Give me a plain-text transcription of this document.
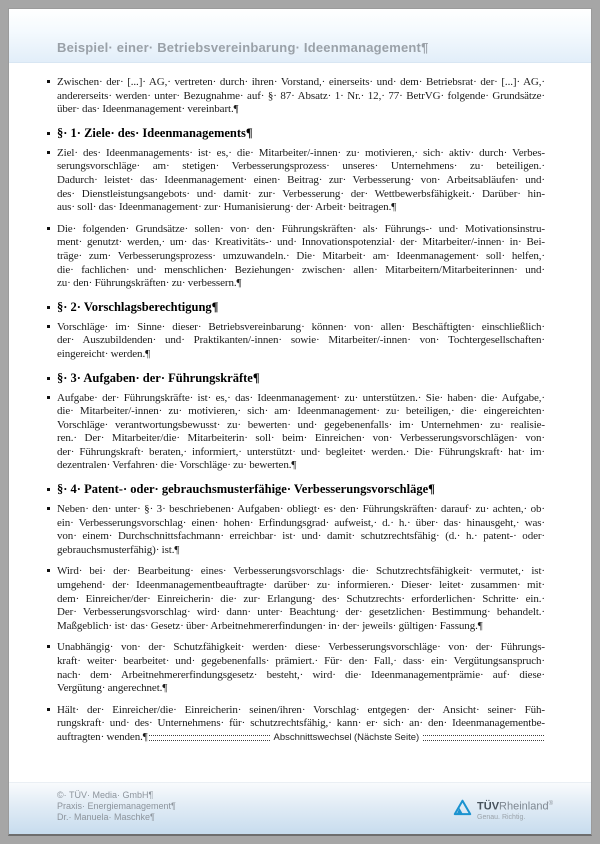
Beispiel· einer· Betriebsvereinbarung· Ideenmanagement¶
Zwischen· der· [...]· AG,· vertreten· durch· ihren· Vorstand,· einerseits· und· dem· Betriebsrat· der· [...]· AG,·
andererseits· werden· unter· Bezugnahme· auf· §· 87· Absatz· 1· Nr.· 12,· 77· BetrVG· folgende· Grundsätze·
über· das· Ideenmanagement· vereinbart.¶
§· 1· Ziele· des· Ideenmanagements¶
Ziel· des· Ideenmanagements· ist· es,· die· Mitarbeiter/-innen· zu· motivieren,· sich· aktiv· durch· Verbes-
serungsvorschläge· am· stetigen· Verbesserungsprozess· unseres· Unternehmens· zu· beteiligen.·
Dadurch· leistet· das· Ideenmanagement· einen· Beitrag· zur· Verbesserung· von· Arbeitsabläufen· und·
des· Dienstleistungsangebots· und· damit· zur· Verbesserung· der· Wettbewerbsfähigkeit.· Darüber· hin-
aus· soll· das· Ideenmanagement· zur· Humanisierung· der· Arbeit· beitragen.¶
Die· folgenden· Grundsätze· sollen· von· den· Führungskräften· als· Führungs-· und· Motivationsinstru-
ment· genutzt· werden,· um· das· Kreativitäts-· und· Innovationspotenzial· der· Mitarbeiter/-innen· in· Bei-
träge· zum· Verbesserungsprozess· umzuwandeln.· Die· Mitarbeit· am· Ideenmanagement· soll· helfen,·
die· fachlichen· und· menschlichen· Beziehungen· zwischen· allen· Mitarbeitern/Mitarbeiterinnen· und·
zu· den· Führungskräften· zu· verbessern.¶
§· 2· Vorschlagsberechtigung¶
Vorschläge· im· Sinne· dieser· Betriebsvereinbarung· können· von· allen· Beschäftigten· einschließlich·
der· Auszubildenden· und· Praktikanten/-innen· sowie· Mitarbeiter/-innen· von· Tochtergesellschaften·
eingereicht· werden.¶
§· 3· Aufgaben· der· Führungskräfte¶
Aufgabe· der· Führungskräfte· ist· es,· das· Ideenmanagement· zu· unterstützen.· Sie· haben· die· Aufgabe,·
die· Mitarbeiter/-innen· zu· motivieren,· sich· am· Ideenmanagement· zu· beteiligen,· die· eingereichten·
Vorschläge· verantwortungsbewusst· zu· bewerten· und· gegebenenfalls· im· Unternehmen· zu· realisie-
ren.· Der· Mitarbeiter/die· Mitarbeiterin· soll· beim· Einreichen· von· Verbesserungsvorschlägen· von·
der· Führungskraft· beraten,· informiert,· unterstützt· und· begleitet· werden.· Die· Führungskraft· hat· im·
dezentralen· Verfahren· die· Vorschläge· zu· bewerten.¶
§· 4· Patent-· oder· gebrauchsmusterfähige· Verbesserungsvorschläge¶
Neben· den· unter· §· 3· beschriebenen· Aufgaben· obliegt· es· den· Führungskräften· darauf· zu· achten,· ob·
ein· Verbesserungsvorschlag· einen· hohen· Erfindungsgrad· aufweist,· d.· h.· über· das· hinausgeht,· was·
von· einem· Durchschnittsfachmann· erreichbar· ist· und· damit· schutzrechtsfähig· (d.· h.· patent-· oder·
gebrauchsmusterfähig)· ist.¶
Wird· bei· der· Bearbeitung· eines· Verbesserungsvorschlags· die· Schutzrechtsfähigkeit· vermutet,· ist·
umgehend· der· Ideenmanagementbeauftragte· darüber· zu· informieren.· Dieser· leitet· zusammen· mit·
dem· Einreicher/der· Einreicherin· die· zur· Erlangung· des· Schutzrechts· erforderlichen· Schritte· ein.·
Der· Verbesserungsvorschlag· wird· dann· unter· Beachtung· der· gesetzlichen· Bestimmung· behandelt.·
Maßgeblich· ist· das· Gesetz· über· Arbeitnehmererfindungen· in· der· jeweils· gültigen· Fassung.¶
Unabhängig· von· der· Schutzfähigkeit· werden· diese· Verbesserungsvorschläge· von· der· Führungs-
kraft· weiter· bearbeitet· und· gegebenenfalls· prämiert.· Für· den· Fall,· dass· ein· Vergütungsanspruch·
nach· dem· Arbeitnehmererfindungsgesetz· besteht,· wird· die· Ideenmanagementprämie· auf· diese·
Vergütung· angerechnet.¶
Hält· der· Einreicher/die· Einreicherin· seinen/ihren· Vorschlag· entgegen· der· Ansicht· seiner· Füh-
rungskraft· und· des· Unternehmens· für· schutzrechtsfähig,· kann· er· sich· an· den· Ideenmanagementbe-
auftragten· wenden.¶	Abschnittswechsel (Nächste Seite)
©· TÜV· Media· GmbH¶
Praxis· Energiemanagement¶
Dr.· Manuela· Maschke¶
TÜVRheinland®
Genau. Richtig.
